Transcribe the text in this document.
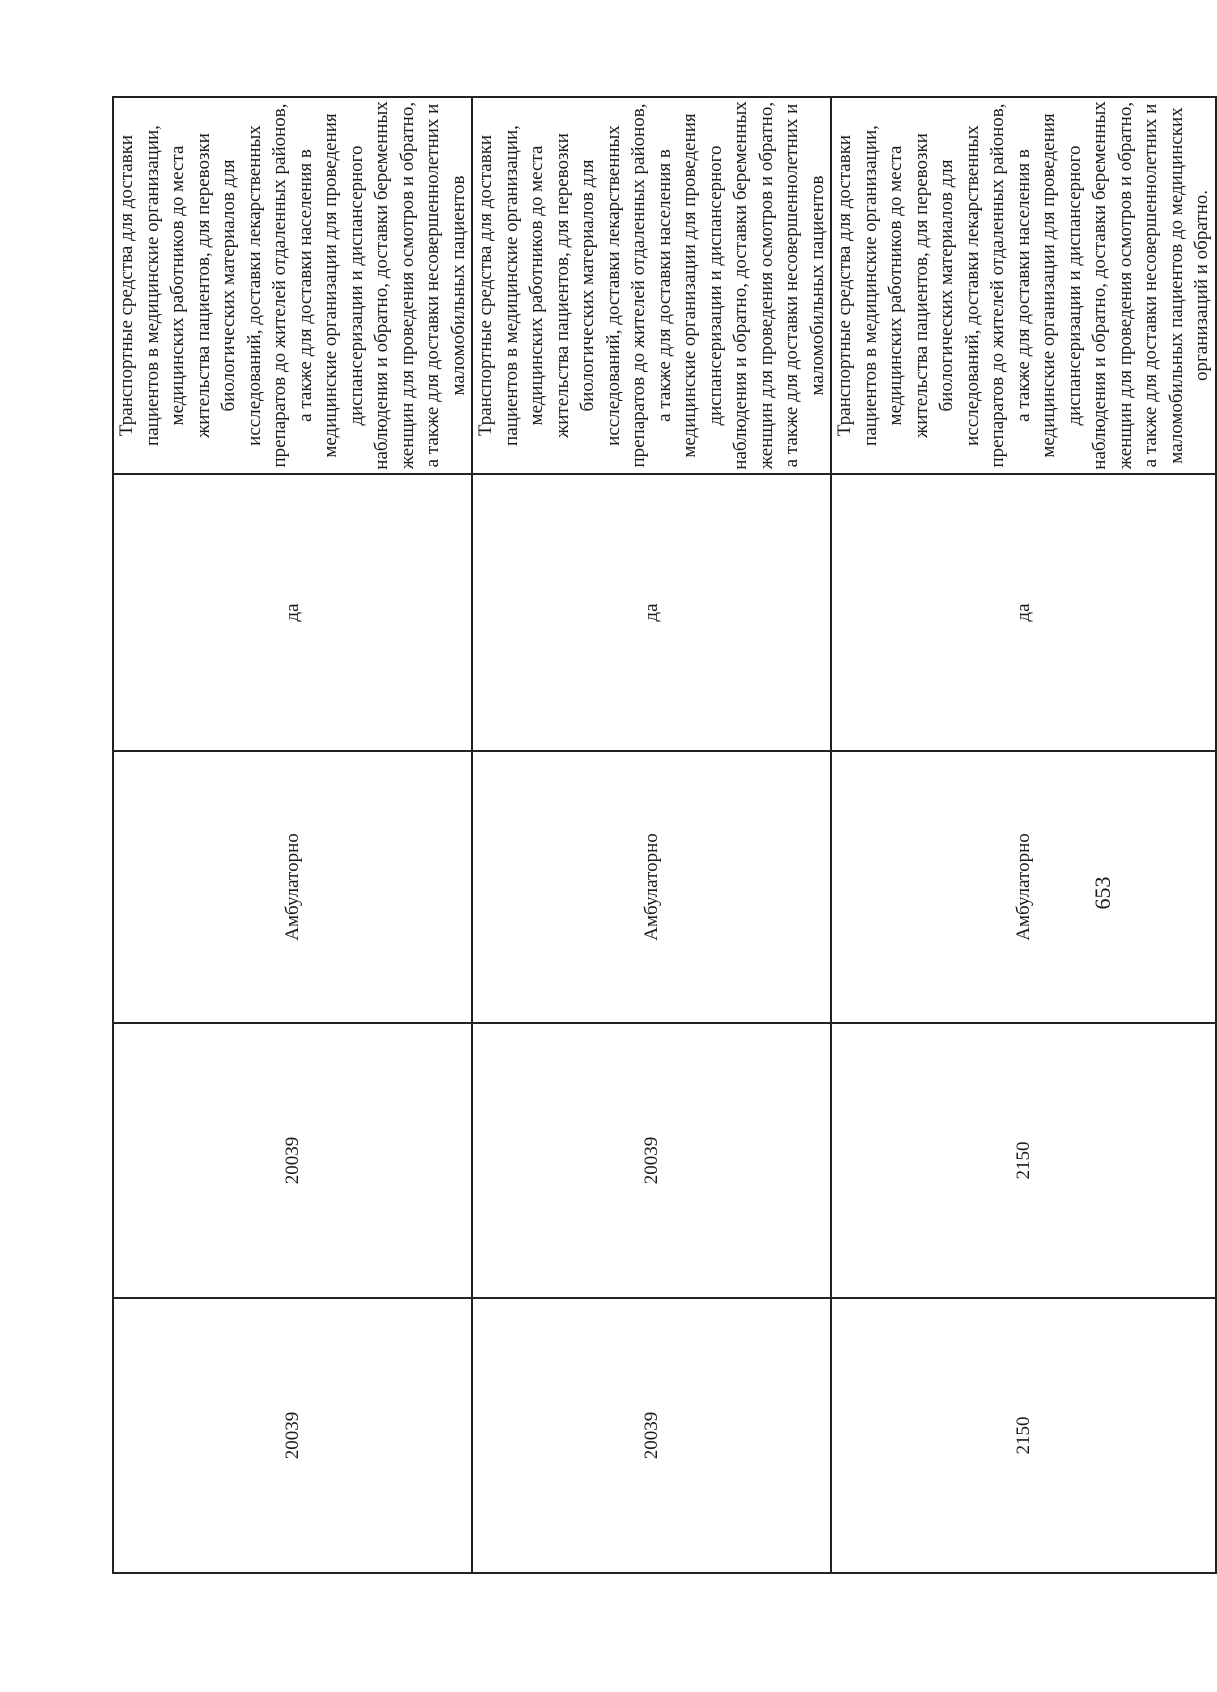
20039	20039	Амбулаторно	да	Транспортные средства для доставки пациентов в медицинские организации, медицинских работников до места жительства пациентов, для перевозки биологических материалов для исследований, доставки лекарственных препаратов до жителей отдаленных районов, а также для доставки населения в медицинские организации для проведения диспансеризации и диспансерного наблюдения и обратно, доставки беременных женщин для проведения осмотров и обратно, а также для доставки несовершеннолетних и маломобильных пациентов

20039	20039	Амбулаторно	да	Транспортные средства для доставки пациентов в медицинские организации, медицинских работников до места жительства пациентов, для перевозки биологических материалов для исследований, доставки лекарственных препаратов до жителей отдаленных районов, а также для доставки населения в медицинские организации для проведения диспансеризации и диспансерного наблюдения и обратно, доставки беременных женщин для проведения осмотров и обратно, а также для доставки несовершеннолетних и маломобильных пациентов

2150	2150	Амбулаторно	да	Транспортные средства для доставки пациентов в медицинские организации, медицинских работников до места жительства пациентов, для перевозки биологических материалов для исследований, доставки лекарственных препаратов до жителей отдаленных районов, а также для доставки населения в медицинские организации для проведения диспансеризации и диспансерного наблюдения и обратно, доставки беременных женщин для проведения осмотров и обратно, а также для доставки несовершеннолетних и маломобильных пациентов до медицинских организаций и обратно.
653
